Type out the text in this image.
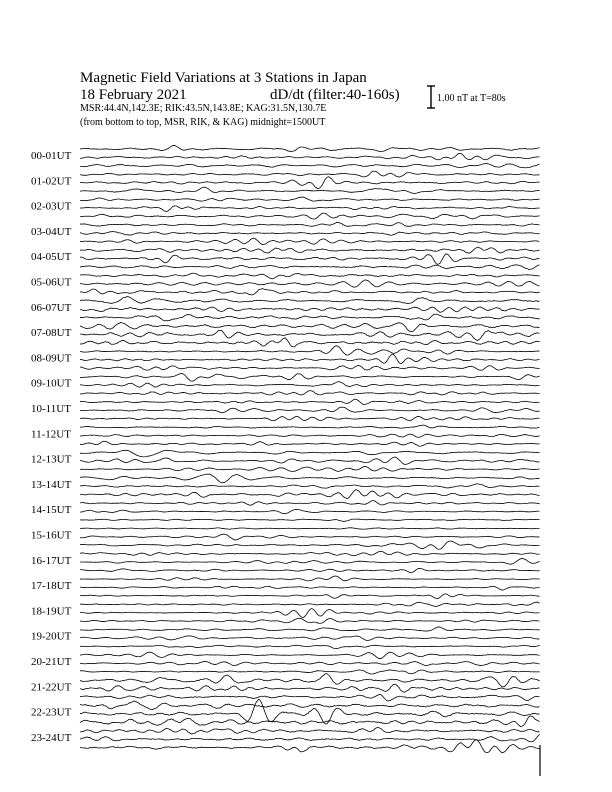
Magnetic Field Variations at 3 Stations in Japan
18 February 2021	dD/dt (filter:40-160s)
MSR:44.4N,142.3E; RIK:43.5N,143.8E; KAG:31.5N,130.7E
(from bottom to top, MSR, RIK, & KAG) midnight=1500UT
1.00 nT at T=80s
00-01UT
01-02UT
02-03UT
03-04UT
04-05UT
05-06UT
06-07UT
07-08UT
08-09UT
09-10UT
10-11UT
11-12UT
12-13UT
13-14UT
14-15UT
15-16UT
16-17UT
17-18UT
18-19UT
19-20UT
20-21UT
21-22UT
22-23UT
23-24UT
